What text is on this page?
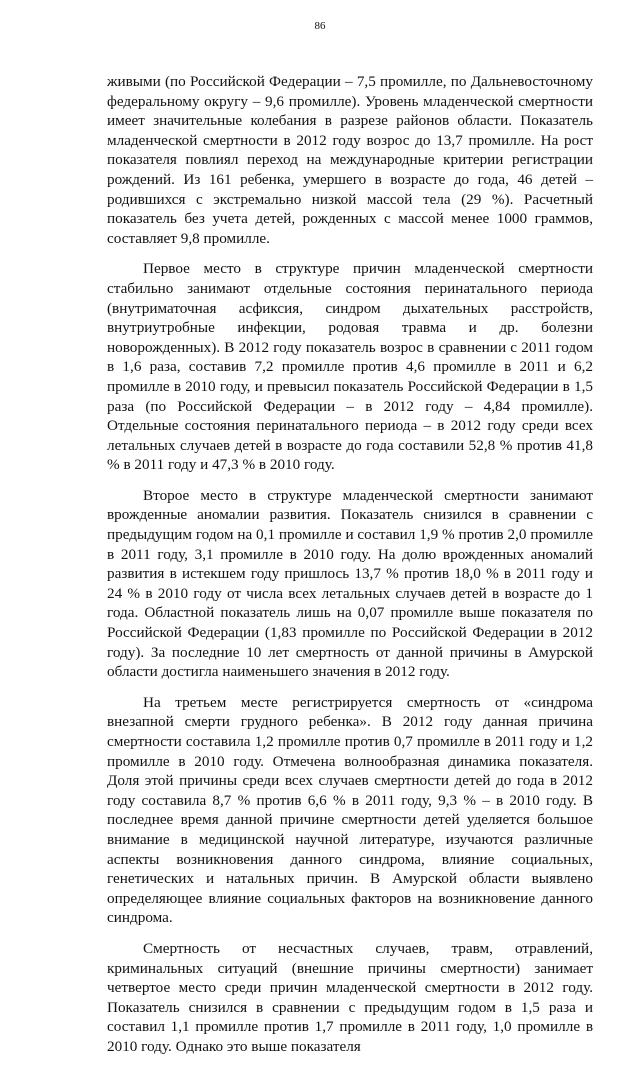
86

живыми (по Российской Федерации – 7,5 промилле, по Дальневосточному федеральному округу – 9,6 промилле). Уровень младенческой смертности имеет значительные колебания в разрезе районов области. Показатель младенческой смертности в 2012 году возрос до 13,7 промилле. На рост показателя повлиял переход на международные критерии регистрации рождений. Из 161 ребенка, умершего в возрасте до года, 46 детей – родившихся с экстремально низкой массой тела (29 %). Расчетный показатель без учета детей, рожденных с массой менее 1000 граммов, составляет 9,8 промилле.

Первое место в структуре причин младенческой смертности стабильно занимают отдельные состояния перинатального периода (внутриматочная асфиксия, синдром дыхательных расстройств, внутриутробные инфекции, родовая травма и др. болезни новорожденных). В 2012 году показатель возрос в сравнении с 2011 годом в 1,6 раза, составив 7,2 промилле против 4,6 промилле в 2011 и 6,2 промилле в 2010 году, и превысил показатель Российской Федерации в 1,5 раза (по Российской Федерации – в 2012 году – 4,84 промилле). Отдельные состояния перинатального периода – в 2012 году среди всех летальных случаев детей в возрасте до года составили 52,8 % против 41,8 % в 2011 году и 47,3 % в 2010 году.

Второе место в структуре младенческой смертности занимают врожденные аномалии развития. Показатель снизился в сравнении с предыдущим годом на 0,1 промилле и составил 1,9 % против 2,0 промилле в 2011 году, 3,1 промилле в 2010 году. На долю врожденных аномалий развития в истекшем году пришлось 13,7 % против 18,0 % в 2011 году и 24 % в 2010 году от числа всех летальных случаев детей в возрасте до 1 года. Областной показатель лишь на 0,07 промилле выше показателя по Российской Федерации (1,83 промилле по Российской Федерации в 2012 году). За последние 10 лет смертность от данной причины в Амурской области достигла наименьшего значения в 2012 году.

На третьем месте регистрируется смертность от «синдрома внезапной смерти грудного ребенка». В 2012 году данная причина смертности составила 1,2 промилле против 0,7 промилле в 2011 году и 1,2 промилле в 2010 году. Отмечена волнообразная динамика показателя. Доля этой причины среди всех случаев смертности детей до года в 2012 году составила 8,7 % против 6,6 % в 2011 году, 9,3 % – в 2010 году. В последнее время данной причине смертности детей уделяется большое внимание в медицинской научной литературе, изучаются различные аспекты возникновения данного синдрома, влияние социальных, генетических и натальных причин. В Амурской области выявлено определяющее влияние социальных факторов на возникновение данного синдрома.

Смертность от несчастных случаев, травм, отравлений, криминальных ситуаций (внешние причины смертности) занимает четвертое место среди причин младенческой смертности в 2012 году. Показатель снизился в сравнении с предыдущим годом в 1,5 раза и составил 1,1 промилле против 1,7 промилле в 2011 году, 1,0 промилле в 2010 году. Однако это выше показателя
